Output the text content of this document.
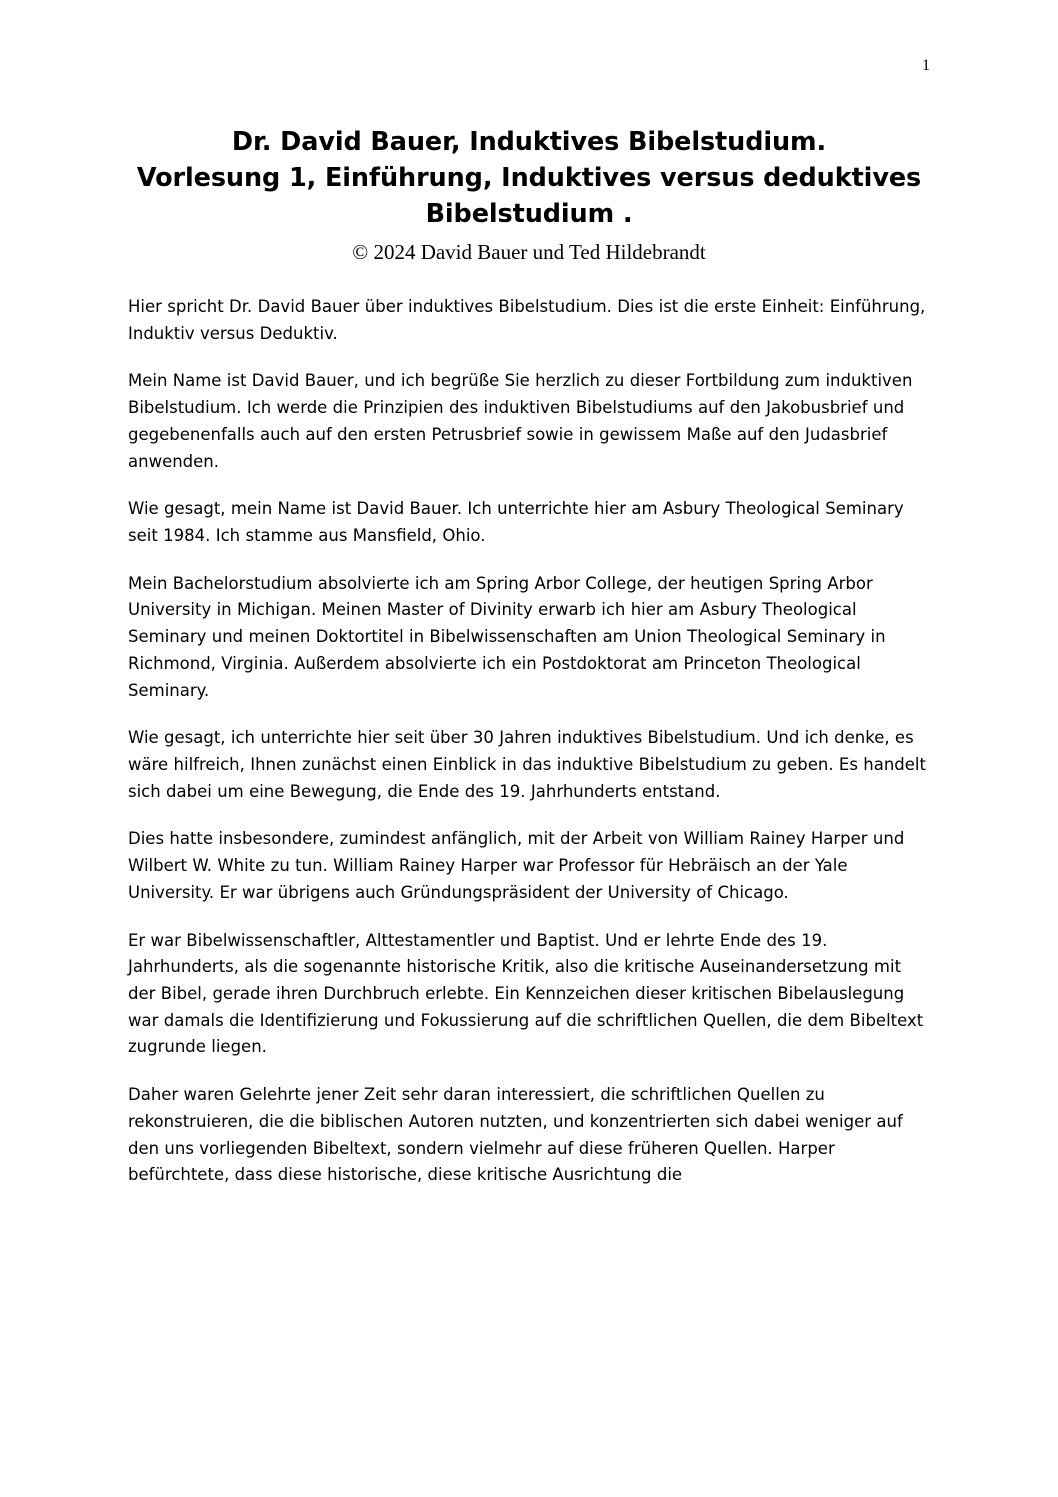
1
Dr. David Bauer, Induktives Bibelstudium.
Vorlesung 1, Einführung, Induktives versus deduktives
Bibelstudium .
© 2024 David Bauer und Ted Hildebrandt

Hier spricht Dr. David Bauer über induktives Bibelstudium. Dies ist die erste Einheit: Einführung, Induktiv versus Deduktiv.

Mein Name ist David Bauer, und ich begrüße Sie herzlich zu dieser Fortbildung zum induktiven Bibelstudium. Ich werde die Prinzipien des induktiven Bibelstudiums auf den Jakobusbrief und gegebenenfalls auch auf den ersten Petrusbrief sowie in gewissem Maße auf den Judasbrief anwenden.

Wie gesagt, mein Name ist David Bauer. Ich unterrichte hier am Asbury Theological Seminary seit 1984. Ich stamme aus Mansfield, Ohio.

Mein Bachelorstudium absolvierte ich am Spring Arbor College, der heutigen Spring Arbor University in Michigan. Meinen Master of Divinity erwarb ich hier am Asbury Theological Seminary und meinen Doktortitel in Bibelwissenschaften am Union Theological Seminary in Richmond, Virginia. Außerdem absolvierte ich ein Postdoktorat am Princeton Theological Seminary.

Wie gesagt, ich unterrichte hier seit über 30 Jahren induktives Bibelstudium. Und ich denke, es wäre hilfreich, Ihnen zunächst einen Einblick in das induktive Bibelstudium zu geben. Es handelt sich dabei um eine Bewegung, die Ende des 19. Jahrhunderts entstand.

Dies hatte insbesondere, zumindest anfänglich, mit der Arbeit von William Rainey Harper und Wilbert W. White zu tun. William Rainey Harper war Professor für Hebräisch an der Yale University. Er war übrigens auch Gründungspräsident der University of Chicago.

Er war Bibelwissenschaftler, Alttestamentler und Baptist. Und er lehrte Ende des 19. Jahrhunderts, als die sogenannte historische Kritik, also die kritische Auseinandersetzung mit der Bibel, gerade ihren Durchbruch erlebte. Ein Kennzeichen dieser kritischen Bibelauslegung war damals die Identifizierung und Fokussierung auf die schriftlichen Quellen, die dem Bibeltext zugrunde liegen.

Daher waren Gelehrte jener Zeit sehr daran interessiert, die schriftlichen Quellen zu rekonstruieren, die die biblischen Autoren nutzten, und konzentrierten sich dabei weniger auf den uns vorliegenden Bibeltext, sondern vielmehr auf diese früheren Quellen. Harper befürchtete, dass diese historische, diese kritische Ausrichtung die
